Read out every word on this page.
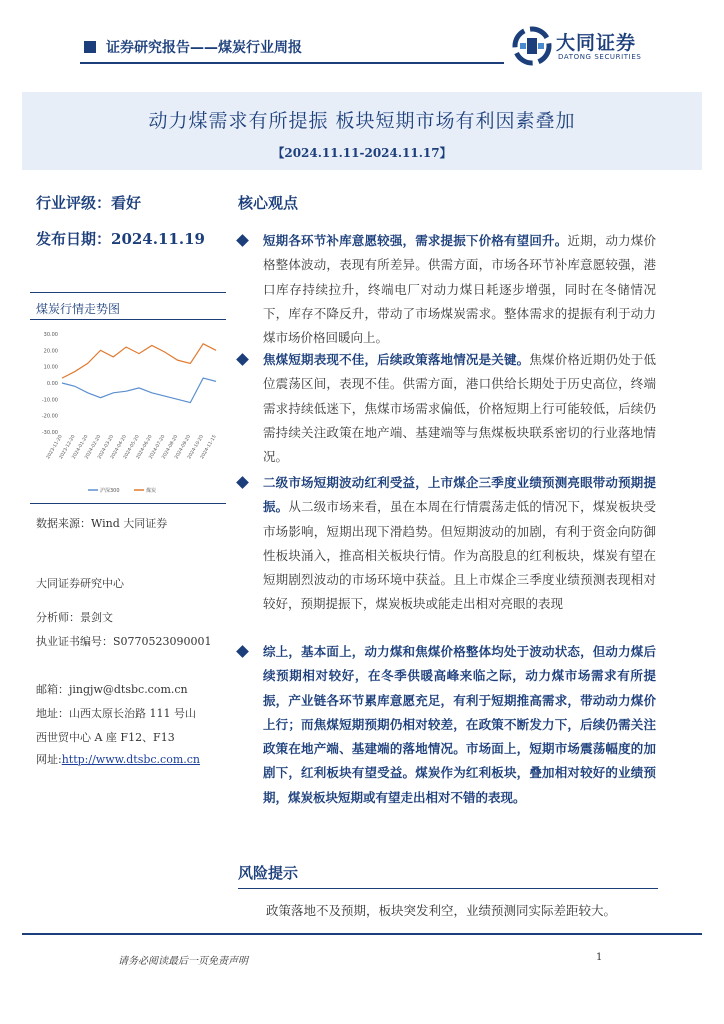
证券研究报告——煤炭行业周报	大同证券
DATONG SECURITIES
动力煤需求有所提振 板块短期市场有利因素叠加
【2024.11.11-2024.11.17】
行业评级：看好
发布日期：2024.11.19
煤炭行情走势图
30.00
20.00
10.00
0.00
-10.00
-20.00
-30.00
2023-11-20
2023-12-20
2024-01-20
2024-02-20
2024-03-20
2024-04-20
2024-05-20
2024-06-20
2024-07-20
2024-08-20
2024-09-20
2024-10-20
2024-11-15
沪深300	煤炭
数据来源：Wind 大同证券
大同证券研究中心
分析师：景剑文
执业证书编号：S0770523090001
邮箱：jingjw@dtsbc.com.cn
地址：山西太原长治路 111 号山
西世贸中心 A 座 F12、F13
网址:http://www.dtsbc.com.cn
核心观点
短期各环节补库意愿较强，需求提振下价格有望回升。近期，动力煤价格整体波动，表现有所差异。供需方面，市场各环节补库意愿较强，港口库存持续拉升，终端电厂对动力煤日耗逐步增强，同时在冬储情况下，库存不降反升，带动了市场煤炭需求。整体需求的提振有利于动力煤市场价格回暖向上。
焦煤短期表现不佳，后续政策落地情况是关键。焦煤价格近期仍处于低位震荡区间，表现不佳。供需方面，港口供给长期处于历史高位，终端需求持续低迷下，焦煤市场需求偏低，价格短期上行可能较低，后续仍需持续关注政策在地产端、基建端等与焦煤板块联系密切的行业落地情况。
二级市场短期波动红利受益，上市煤企三季度业绩预测亮眼带动预期提振。从二级市场来看，虽在本周在行情震荡走低的情况下，煤炭板块受市场影响，短期出现下滑趋势。但短期波动的加剧，有利于资金向防御性板块涌入，推高相关板块行情。作为高股息的红利板块，煤炭有望在短期剧烈波动的市场环境中获益。且上市煤企三季度业绩预测表现相对较好，预期提振下，煤炭板块或能走出相对亮眼的表现
综上，基本面上，动力煤和焦煤价格整体均处于波动状态，但动力煤后续预期相对较好，在冬季供暖高峰来临之际，动力煤市场需求有所提振，产业链各环节累库意愿充足，有利于短期推高需求，带动动力煤价上行；而焦煤短期预期仍相对较差，在政策不断发力下，后续仍需关注政策在地产端、基建端的落地情况。市场面上，短期市场震荡幅度的加剧下，红利板块有望受益。煤炭作为红利板块，叠加相对较好的业绩预期，煤炭板块短期或有望走出相对不错的表现。
风险提示
政策落地不及预期，板块突发利空，业绩预测同实际差距较大。
请务必阅读最后一页免责声明	1
